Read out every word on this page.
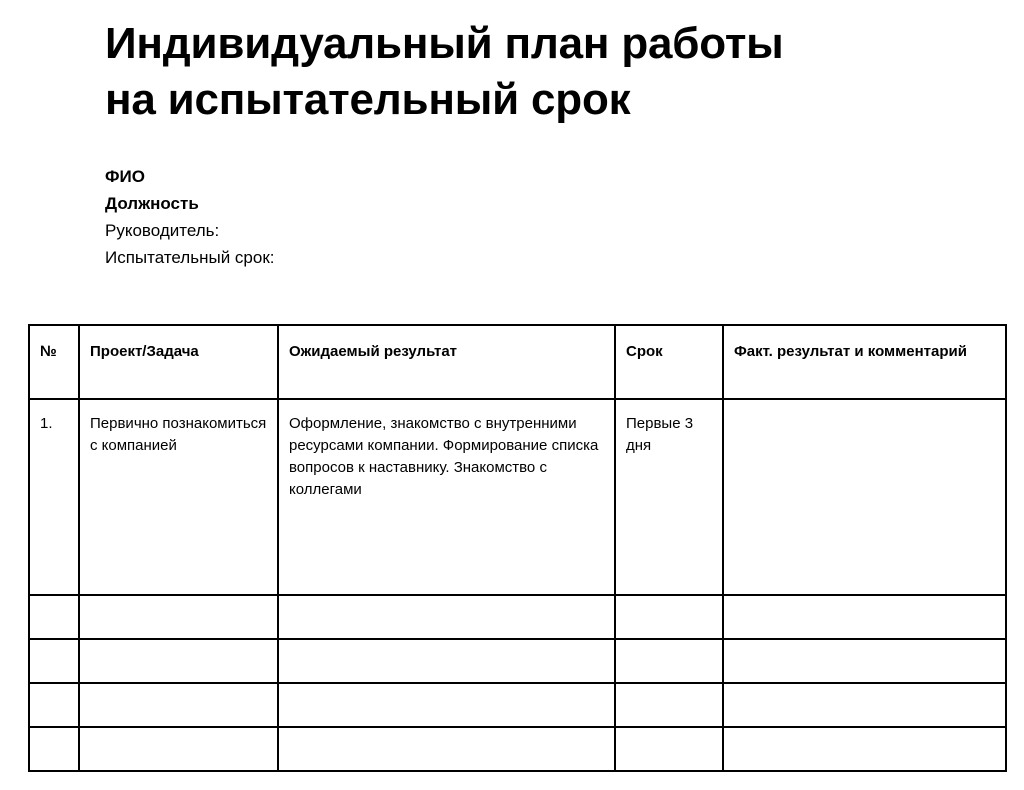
Индивидуальный план работы
на испытательный срок
ФИО
Должность
Руководитель:
Испытательный срок:
№	Проект/Задача	Ожидаемый результат	Срок	Факт. результат и комментарий
1.	Первично познакомиться с компанией	Оформление, знакомство с внутренними ресурсами компании. Формирование списка вопросов к наставнику. Знакомство с коллегами	Первые 3 дня	
